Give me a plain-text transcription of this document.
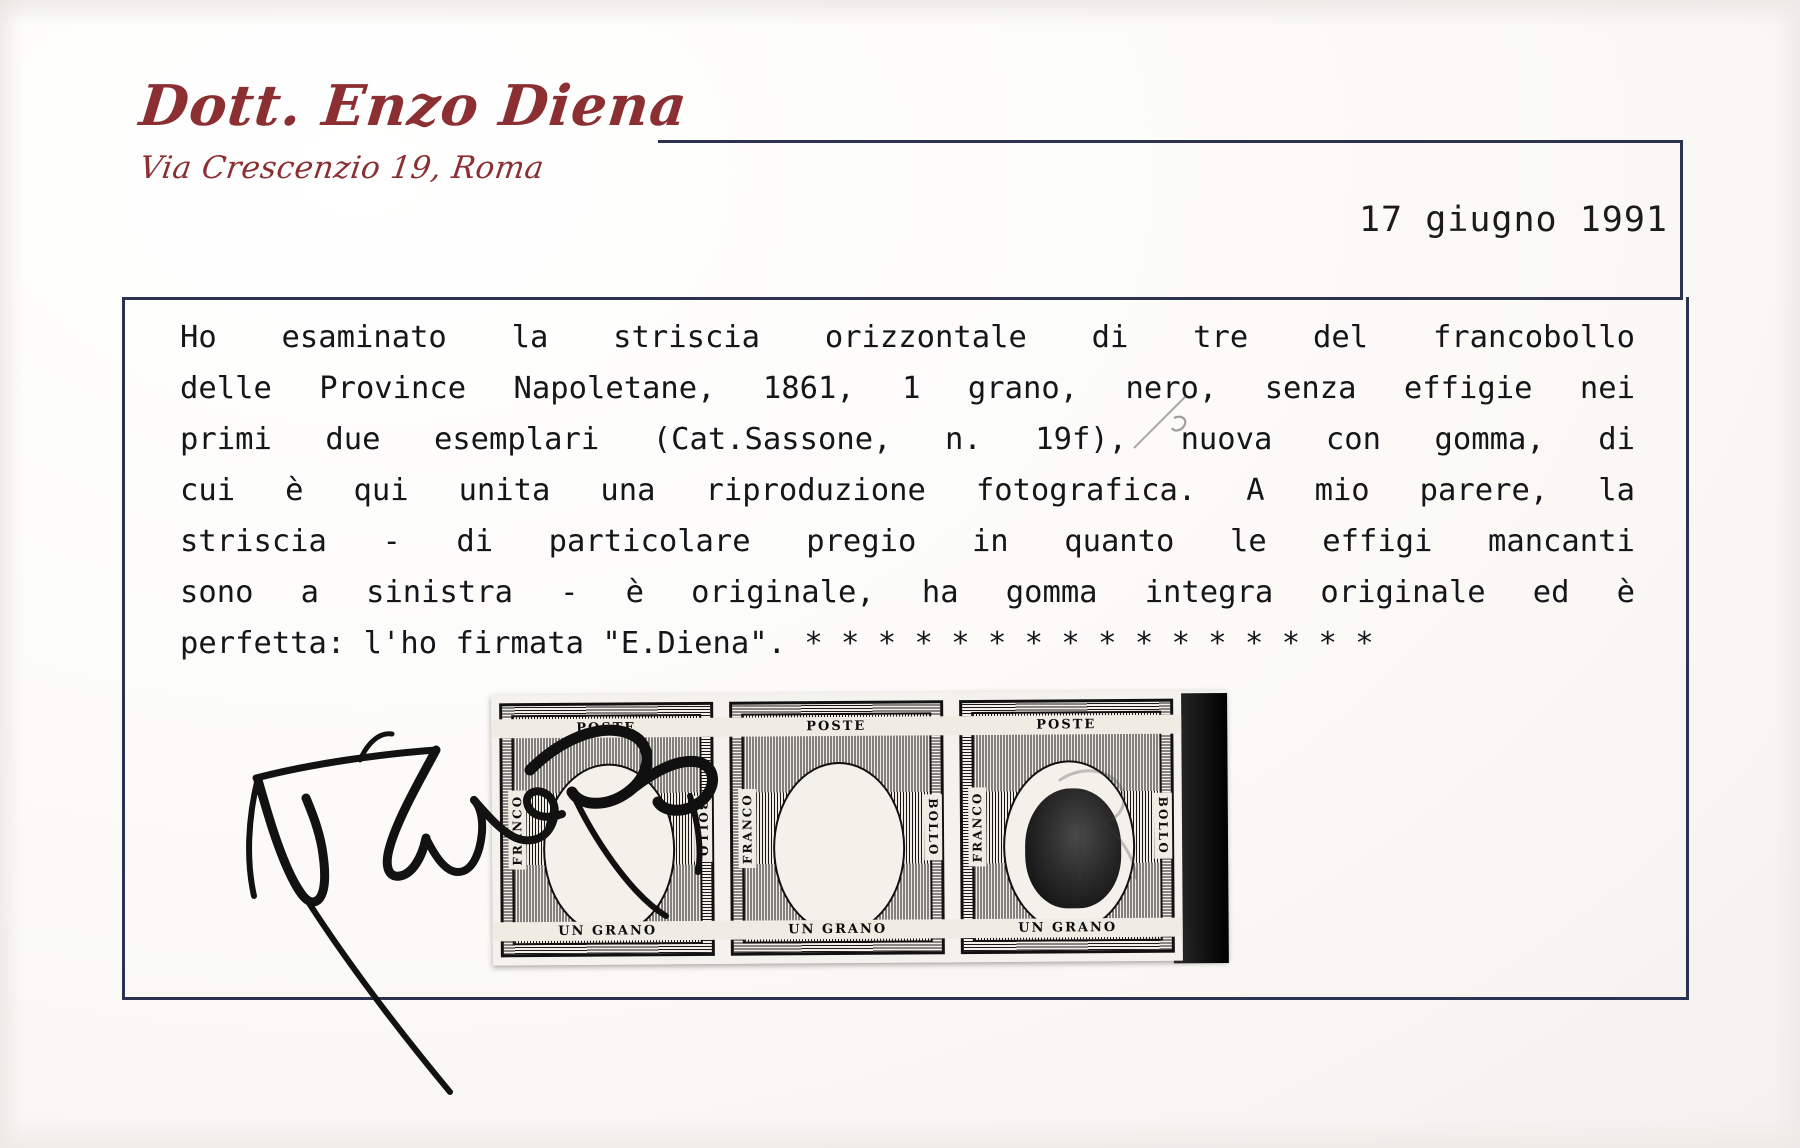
Dott. Enzo Diena
Via Crescenzio 19, Roma
17 giugno 1991
Ho esaminato la striscia orizzontale di tre del francobollo
delle Province Napoletane, 1861, 1 grano, nero, senza effigie nei
primi due esemplari (Cat.Sassone, n. 19f), nuova con gomma, di
cui è qui unita una riproduzione fotografica. A mio parere, la
striscia - di particolare pregio in quanto le effigi mancanti
sono a sinistra - è originale, ha gomma integra originale ed è
perfetta: l'ho firmata "E.Diena". * * * * * * * * * * * * * * * *
POSTE
FRANCO	BOLLO
UN GRANO
POSTE
FRANCO	BOLLO
UN GRANO
POSTE
FRANCO	BOLLO
UN GRANO
